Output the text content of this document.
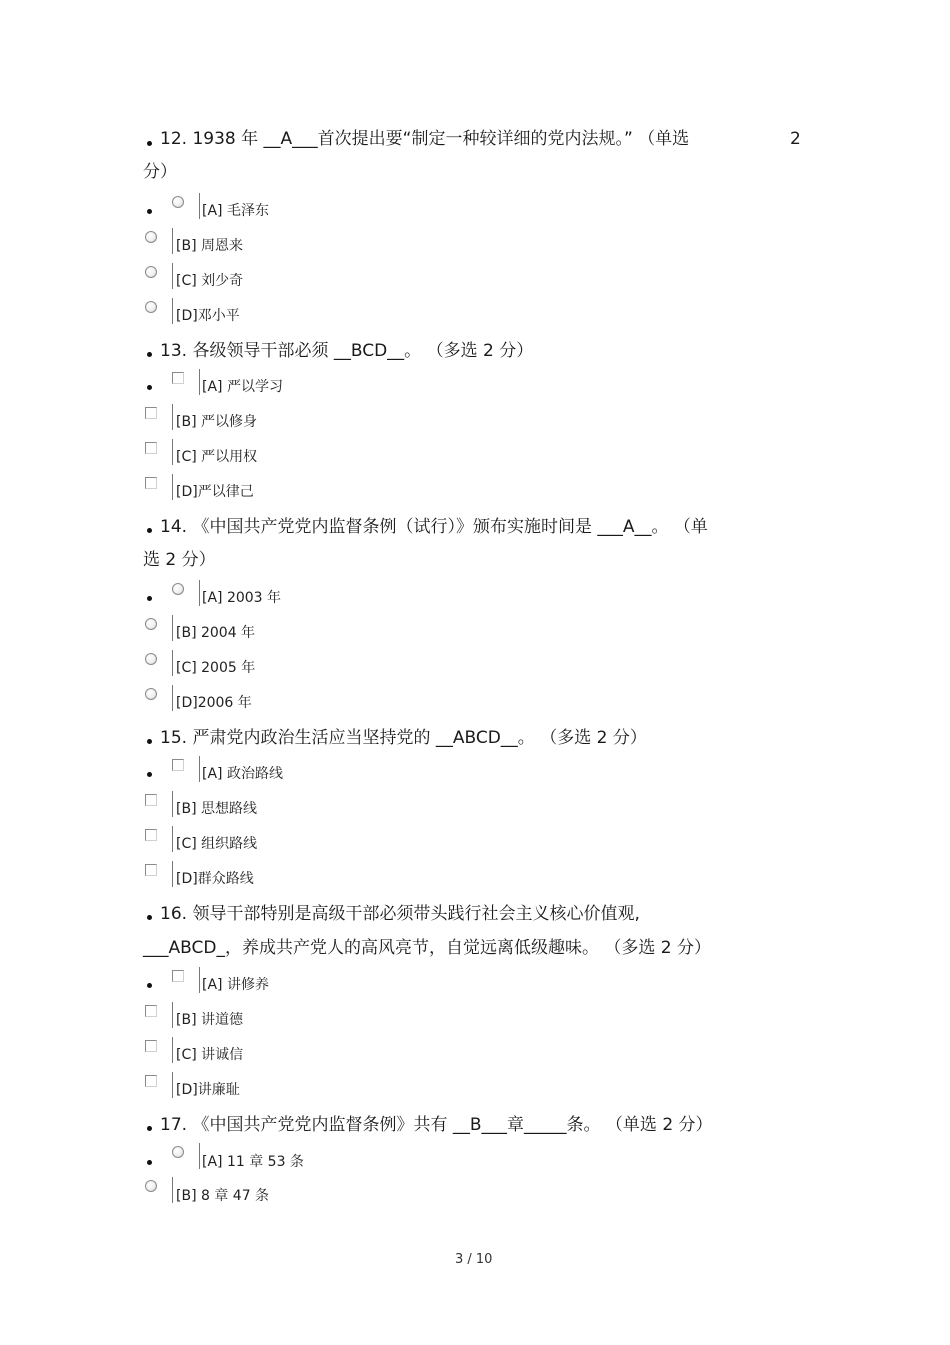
12. 1938 年 __A___首次提出要“制定一种较详细的党内法规。” （单选	2
分）
[A] 毛泽东
[B] 周恩来
[C] 刘少奇
[D]邓小平
13. 各级领导干部必须 __BCD__。 （多选 2 分）
[A] 严以学习
[B] 严以修身
[C] 严以用权
[D]严以律己
14. 《中国共产党党内监督条例（试行）》颁布实施时间是 ___A__。 （单
选 2 分）
[A] 2003 年
[B] 2004 年
[C] 2005 年
[D]2006 年
15. 严肃党内政治生活应当坚持党的 __ABCD__。 （多选 2 分）
[A] 政治路线
[B] 思想路线
[C] 组织路线
[D]群众路线
16. 领导干部特别是高级干部必须带头践行社会主义核心价值观,
___ABCD_，养成共产党人的高风亮节，自觉远离低级趣味。 （多选 2 分）
[A] 讲修养
[B] 讲道德
[C] 讲诚信
[D]讲廉耻
17. 《中国共产党党内监督条例》共有 __B___章_____条。 （单选 2 分）
[A] 11 章 53 条
[B] 8 章 47 条
3 / 10
